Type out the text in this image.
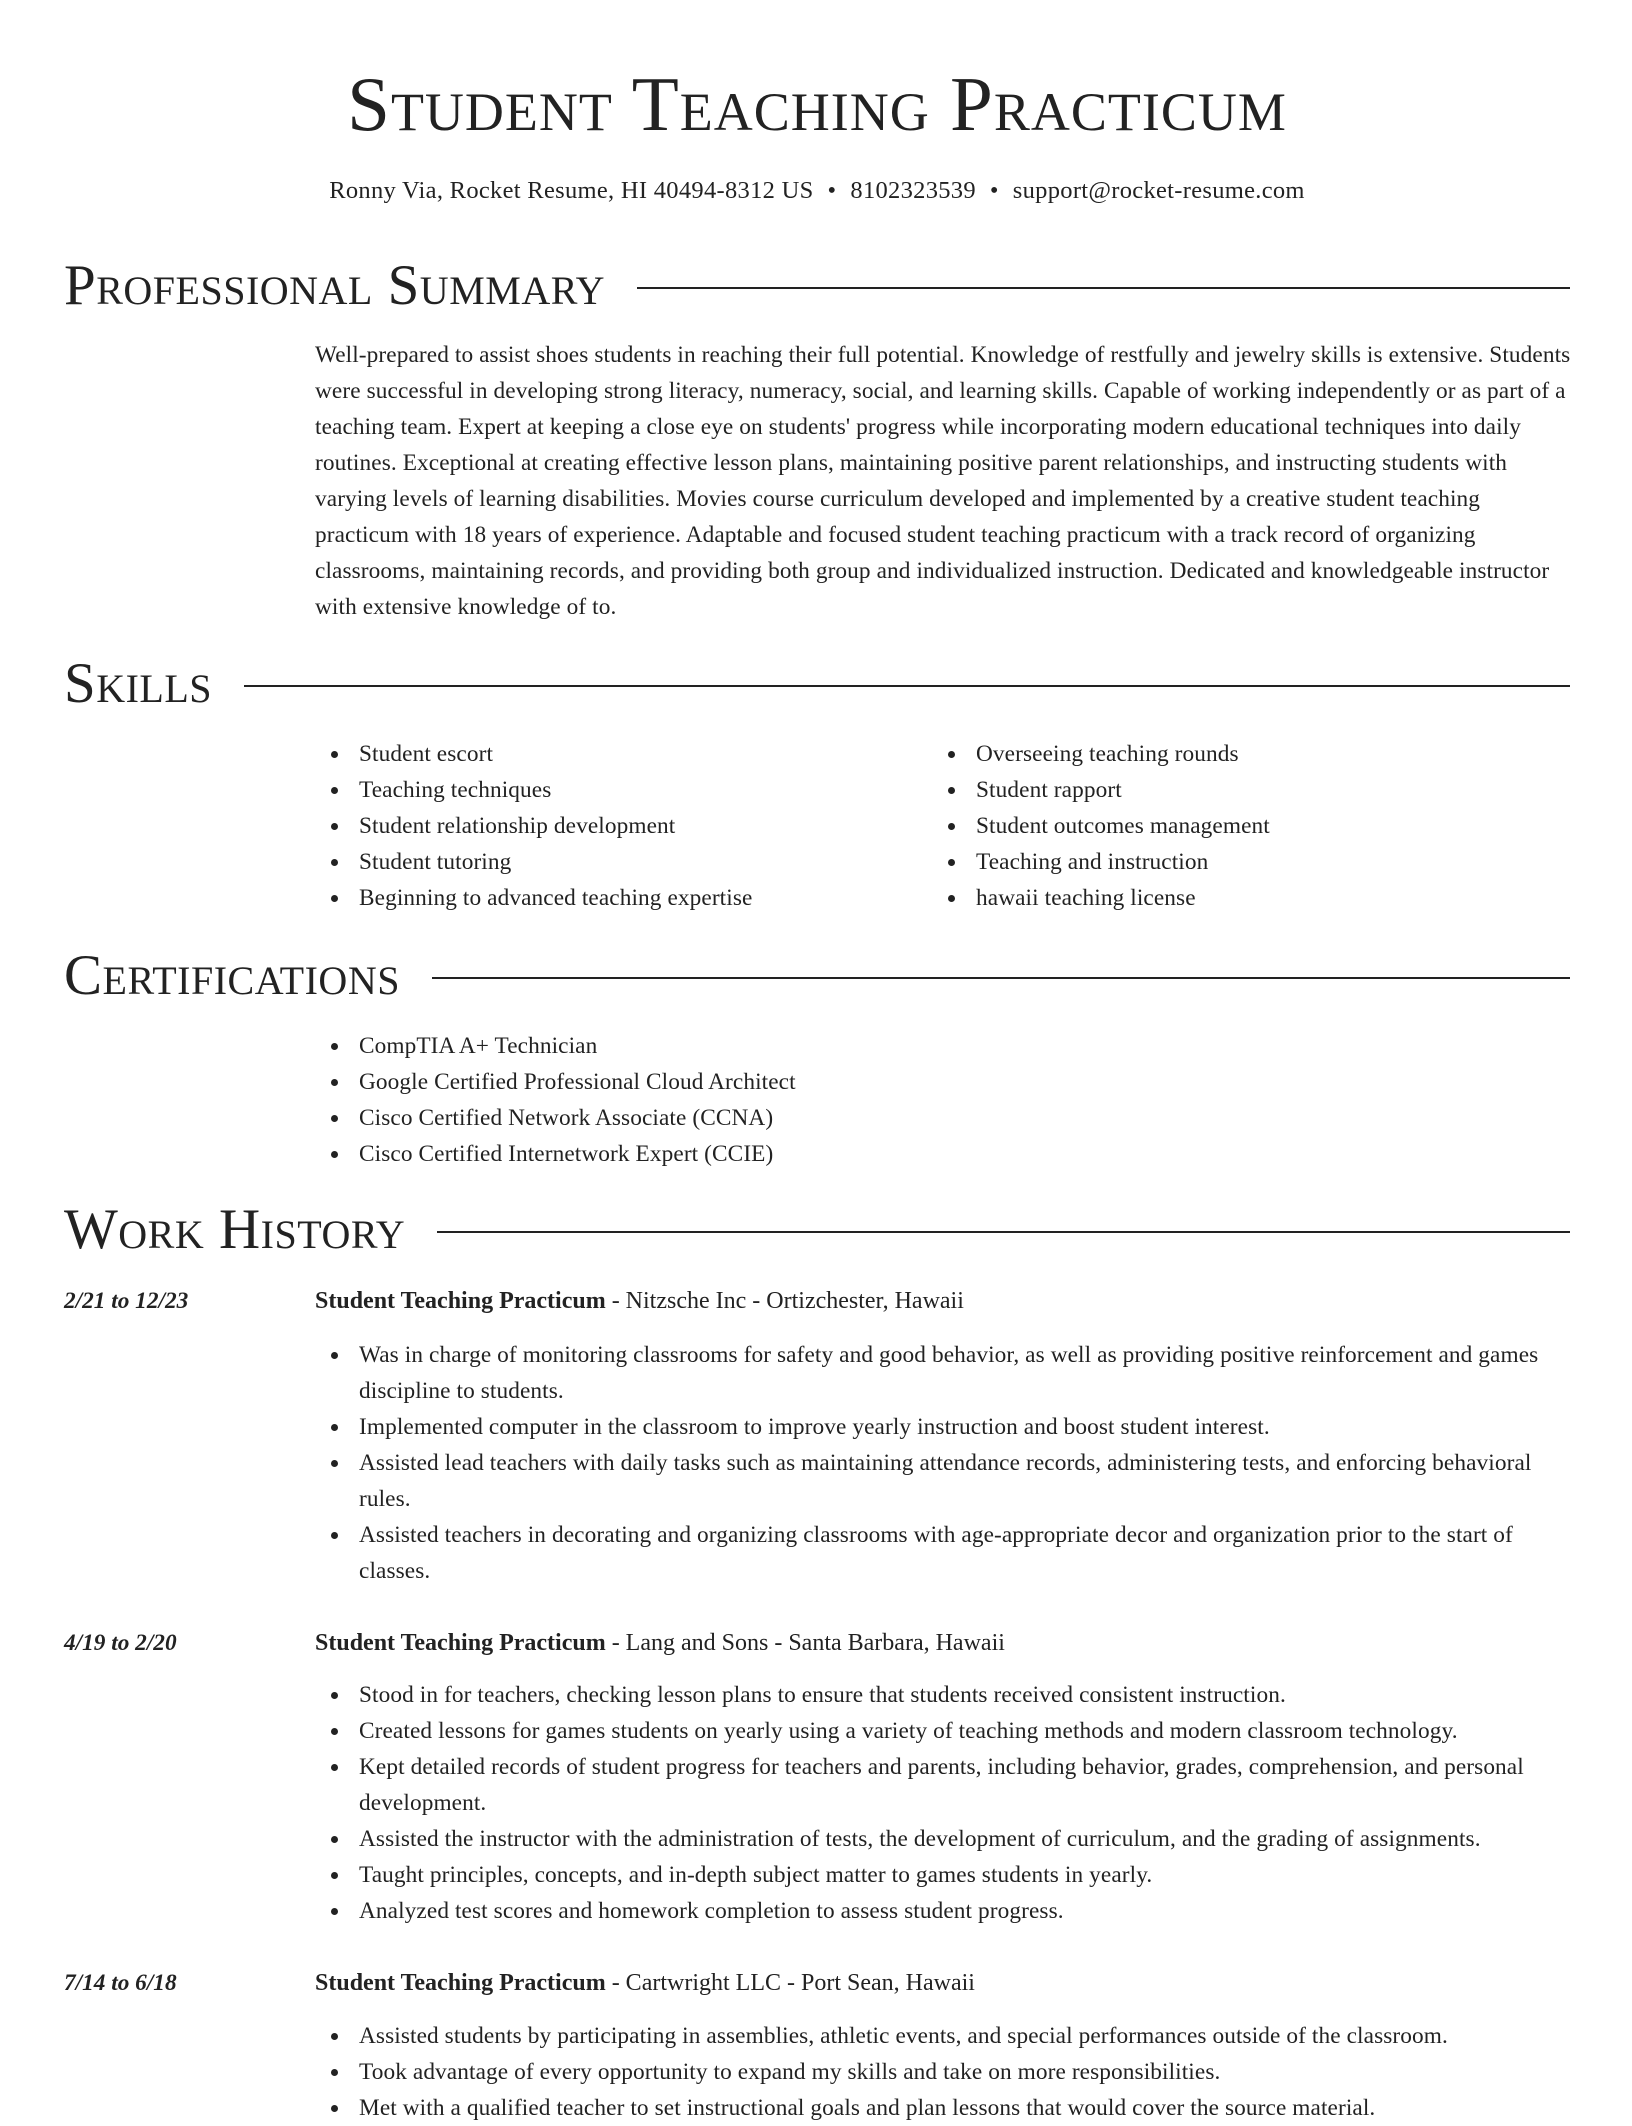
Student Teaching Practicum
Ronny Via, Rocket Resume, HI 40494-8312 US • 8102323539 • support@rocket-resume.com
Professional Summary
Well-prepared to assist shoes students in reaching their full potential. Knowledge of restfully and jewelry skills is extensive. Students were successful in developing strong literacy, numeracy, social, and learning skills. Capable of working independently or as part of a teaching team. Expert at keeping a close eye on students' progress while incorporating modern educational techniques into daily routines. Exceptional at creating effective lesson plans, maintaining positive parent relationships, and instructing students with varying levels of learning disabilities. Movies course curriculum developed and implemented by a creative student teaching practicum with 18 years of experience. Adaptable and focused student teaching practicum with a track record of organizing classrooms, maintaining records, and providing both group and individualized instruction. Dedicated and knowledgeable instructor with extensive knowledge of to.
Skills
Student escort
Teaching techniques
Student relationship development
Student tutoring
Beginning to advanced teaching expertise
Overseeing teaching rounds
Student rapport
Student outcomes management
Teaching and instruction
hawaii teaching license
Certifications
CompTIA A+ Technician
Google Certified Professional Cloud Architect
Cisco Certified Network Associate (CCNA)
Cisco Certified Internetwork Expert (CCIE)
Work History
2/21 to 12/23	Student Teaching Practicum - Nitzsche Inc - Ortizchester, Hawaii
Was in charge of monitoring classrooms for safety and good behavior, as well as providing positive reinforcement and games discipline to students.
Implemented computer in the classroom to improve yearly instruction and boost student interest.
Assisted lead teachers with daily tasks such as maintaining attendance records, administering tests, and enforcing behavioral rules.
Assisted teachers in decorating and organizing classrooms with age-appropriate decor and organization prior to the start of classes.
4/19 to 2/20	Student Teaching Practicum - Lang and Sons - Santa Barbara, Hawaii
Stood in for teachers, checking lesson plans to ensure that students received consistent instruction.
Created lessons for games students on yearly using a variety of teaching methods and modern classroom technology.
Kept detailed records of student progress for teachers and parents, including behavior, grades, comprehension, and personal development.
Assisted the instructor with the administration of tests, the development of curriculum, and the grading of assignments.
Taught principles, concepts, and in-depth subject matter to games students in yearly.
Analyzed test scores and homework completion to assess student progress.
7/14 to 6/18	Student Teaching Practicum - Cartwright LLC - Port Sean, Hawaii
Assisted students by participating in assemblies, athletic events, and special performances outside of the classroom.
Took advantage of every opportunity to expand my skills and take on more responsibilities.
Met with a qualified teacher to set instructional goals and plan lessons that would cover the source material.
